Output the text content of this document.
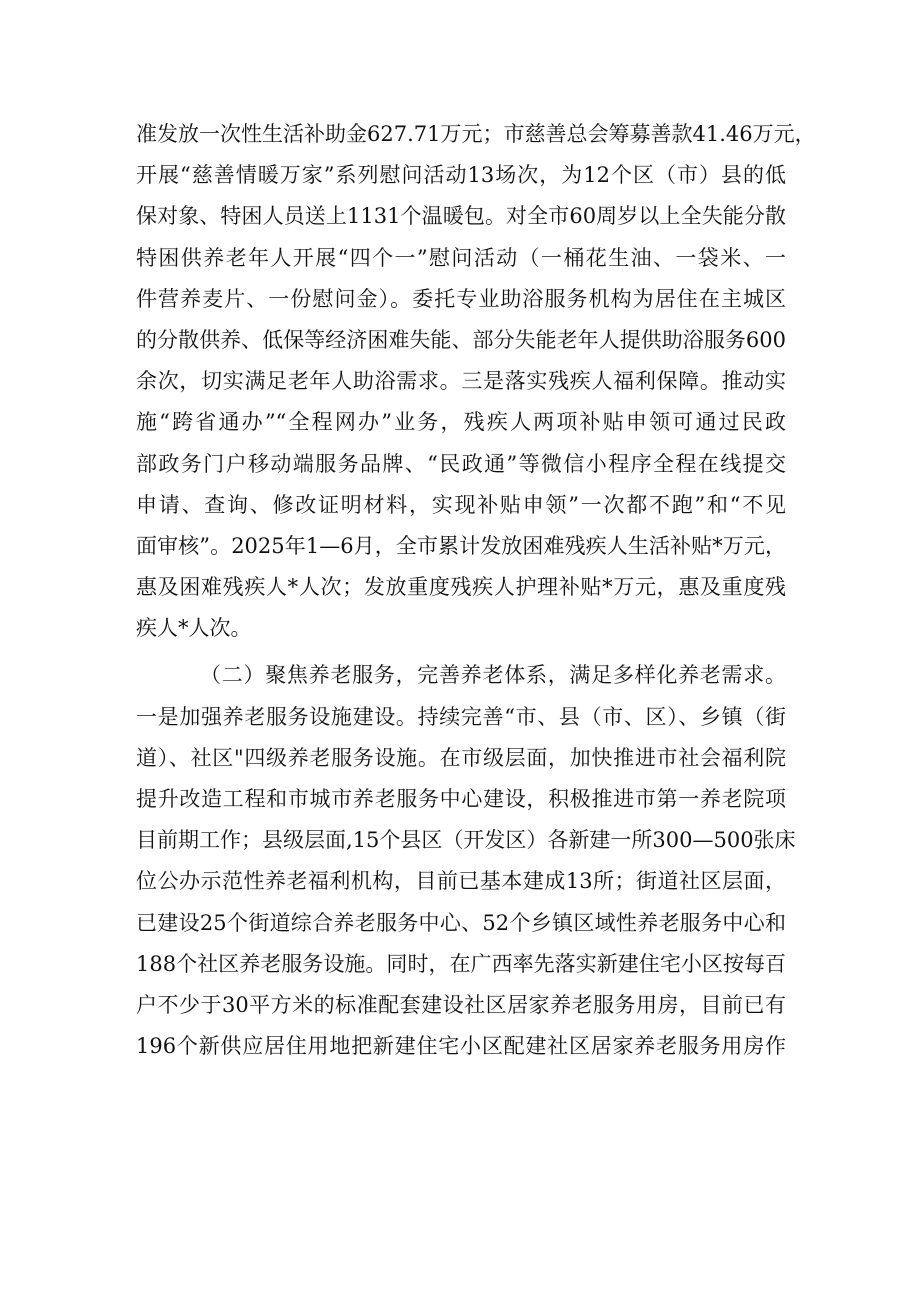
准发放一次性生活补助金627.71万元；市慈善总会筹募善款41.46万元，
开展“慈善情暖万家”系列慰问活动13场次，为12个区（市）县的低
保对象、特困人员送上1131个温暖包。对全市60周岁以上全失能分散
特困供养老年人开展“四个一”慰问活动（一桶花生油、一袋米、一
件营养麦片、一份慰问金）。委托专业助浴服务机构为居住在主城区
的分散供养、低保等经济困难失能、部分失能老年人提供助浴服务600
余次，切实满足老年人助浴需求。三是落实残疾人福利保障。推动实
施“跨省通办”“全程网办”业务，残疾人两项补贴申领可通过民政
部政务门户移动端服务品牌、“民政通”等微信小程序全程在线提交
申请、查询、修改证明材料，实现补贴申领”一次都不跑”和“不见
面审核”。2025年1—6月，全市累计发放困难残疾人生活补贴*万元，
惠及困难残疾人*人次；发放重度残疾人护理补贴*万元，惠及重度残
疾人*人次。
（二）聚焦养老服务，完善养老体系，满足多样化养老需求。
一是加强养老服务设施建设。持续完善“市、县（市、区）、乡镇（街
道）、社区"四级养老服务设施。在市级层面，加快推进市社会福利院
提升改造工程和市城市养老服务中心建设，积极推进市第一养老院项
目前期工作；县级层面,15个县区（开发区）各新建一所300—500张床
位公办示范性养老福利机构，目前已基本建成13所；街道社区层面，
已建设25个街道综合养老服务中心、52个乡镇区域性养老服务中心和
188个社区养老服务设施。同时，在广西率先落实新建住宅小区按每百
户不少于30平方米的标准配套建设社区居家养老服务用房，目前已有
196个新供应居住用地把新建住宅小区配建社区居家养老服务用房作
